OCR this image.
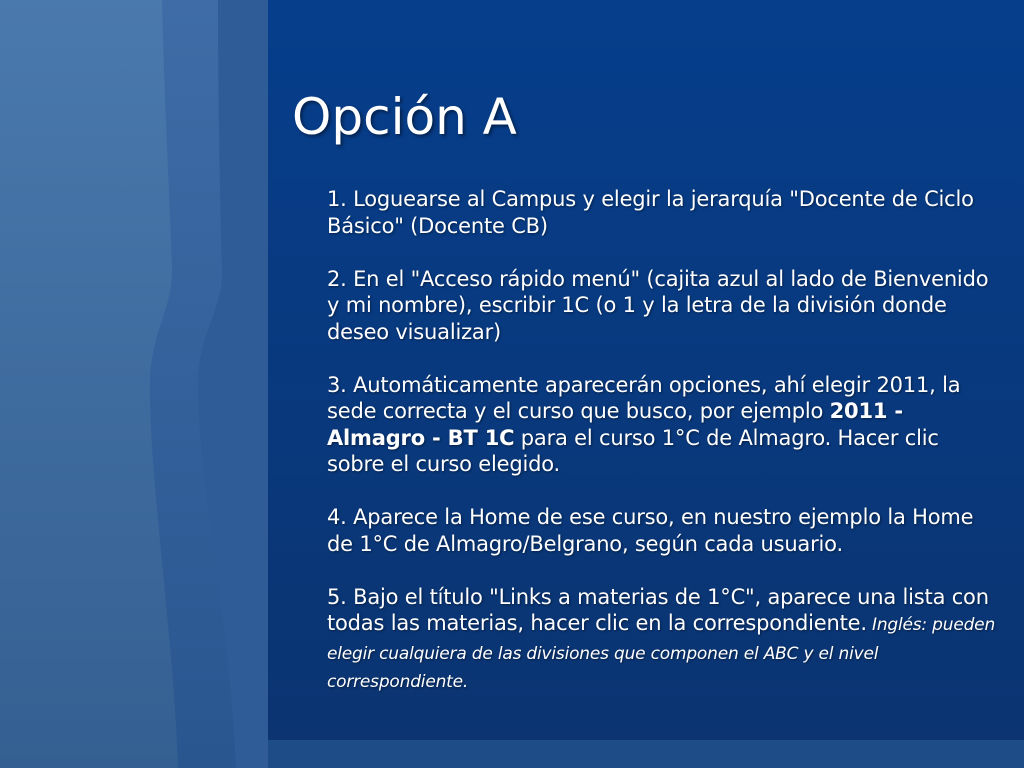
Opción A

1. Loguearse al Campus y elegir la jerarquía "Docente de Ciclo Básico" (Docente CB)

2. En el "Acceso rápido menú" (cajita azul al lado de Bienvenido y mi nombre), escribir 1C (o 1 y la letra de la división donde deseo visualizar)

3. Automáticamente aparecerán opciones, ahí elegir 2011, la sede correcta y el curso que busco, por ejemplo 2011 - Almagro - BT 1C para el curso 1°C de Almagro. Hacer clic sobre el curso elegido.

4. Aparece la Home de ese curso, en nuestro ejemplo la Home de 1°C de Almagro/Belgrano, según cada usuario.

5. Bajo el título "Links a materias de 1°C", aparece una lista con todas las materias, hacer clic en la correspondiente. Inglés: pueden elegir cualquiera de las divisiones que componen el ABC y el nivel correspondiente.
